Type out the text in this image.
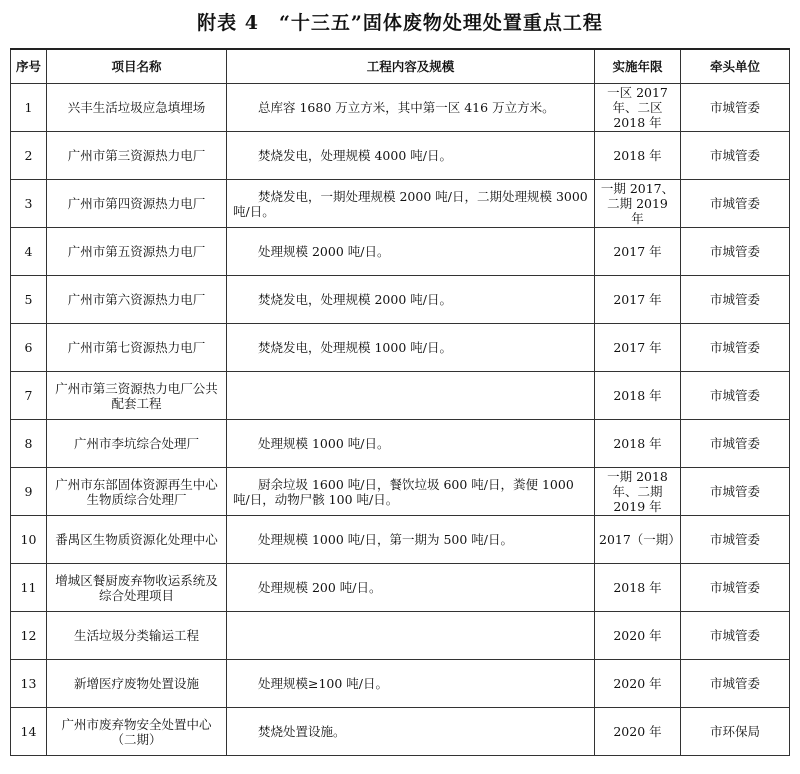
附表 4　“十三五”固体废物处理处置重点工程
序号	项目名称	工程内容及规模	实施年限	牵头单位
1	兴丰生活垃圾应急填埋场	总库容 1680 万立方米，其中第一区 416 万立方米。	一区 2017 年、二区 2018 年	市城管委
2	广州市第三资源热力电厂	焚烧发电，处理规模 4000 吨/日。	2018 年	市城管委
3	广州市第四资源热力电厂	焚烧发电，一期处理规模 2000 吨/日，二期处理规模 3000 吨/日。	一期 2017、二期 2019 年	市城管委
4	广州市第五资源热力电厂	处理规模 2000 吨/日。	2017 年	市城管委
5	广州市第六资源热力电厂	焚烧发电，处理规模 2000 吨/日。	2017 年	市城管委
6	广州市第七资源热力电厂	焚烧发电，处理规模 1000 吨/日。	2017 年	市城管委
7	广州市第三资源热力电厂公共配套工程		2018 年	市城管委
8	广州市李坑综合处理厂	处理规模 1000 吨/日。	2018 年	市城管委
9	广州市东部固体资源再生中心生物质综合处理厂	厨余垃圾 1600 吨/日，餐饮垃圾 600 吨/日，粪便 1000 吨/日，动物尸骸 100 吨/日。	一期 2018 年、二期 2019 年	市城管委
10	番禺区生物质资源化处理中心	处理规模 1000 吨/日，第一期为 500 吨/日。	2017（一期）	市城管委
11	增城区餐厨废弃物收运系统及综合处理项目	处理规模 200 吨/日。	2018 年	市城管委
12	生活垃圾分类输运工程		2020 年	市城管委
13	新增医疗废物处置设施	处理规模≥100 吨/日。	2020 年	市城管委
14	广州市废弃物安全处置中心（二期）	焚烧处置设施。	2020 年	市环保局
